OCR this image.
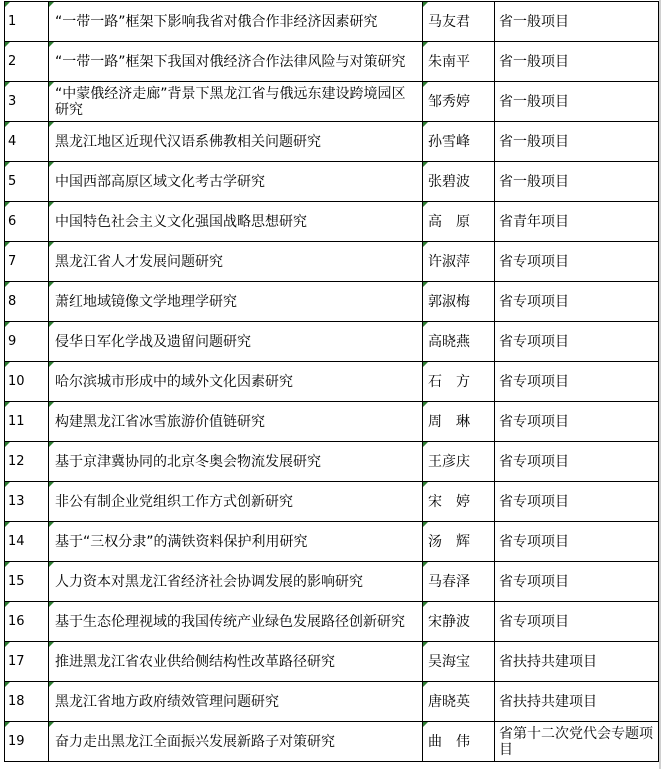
1	“一带一路”框架下影响我省对俄合作非经济因素研究	马友君	省一般项目
2	“一带一路”框架下我国对俄经济合作法律风险与对策研究	朱南平	省一般项目
3	“中蒙俄经济走廊”背景下黑龙江省与俄远东建设跨境园区研究	邹秀婷	省一般项目
4	黑龙江地区近现代汉语系佛教相关问题研究	孙雪峰	省一般项目
5	中国西部高原区域文化考古学研究	张碧波	省一般项目
6	中国特色社会主义文化强国战略思想研究	高　原	省青年项目
7	黑龙江省人才发展问题研究	许淑萍	省专项项目
8	萧红地域镜像文学地理学研究	郭淑梅	省专项项目
9	侵华日军化学战及遗留问题研究	高晓燕	省专项项目
10	哈尔滨城市形成中的域外文化因素研究	石　方	省专项项目
11	构建黑龙江省冰雪旅游价值链研究	周　琳	省专项项目
12	基于京津冀协同的北京冬奥会物流发展研究	王彦庆	省专项项目
13	非公有制企业党组织工作方式创新研究	宋　婷	省专项项目
14	基于“三权分隶”的满铁资料保护利用研究	汤　辉	省专项项目
15	人力资本对黑龙江省经济社会协调发展的影响研究	马春泽	省专项项目
16	基于生态伦理视域的我国传统产业绿色发展路径创新研究	宋静波	省专项项目
17	推进黑龙江省农业供给侧结构性改革路径研究	吴海宝	省扶持共建项目
18	黑龙江省地方政府绩效管理问题研究	唐晓英	省扶持共建项目
19	奋力走出黑龙江全面振兴发展新路子对策研究	曲　伟	省第十二次党代会专题项目
